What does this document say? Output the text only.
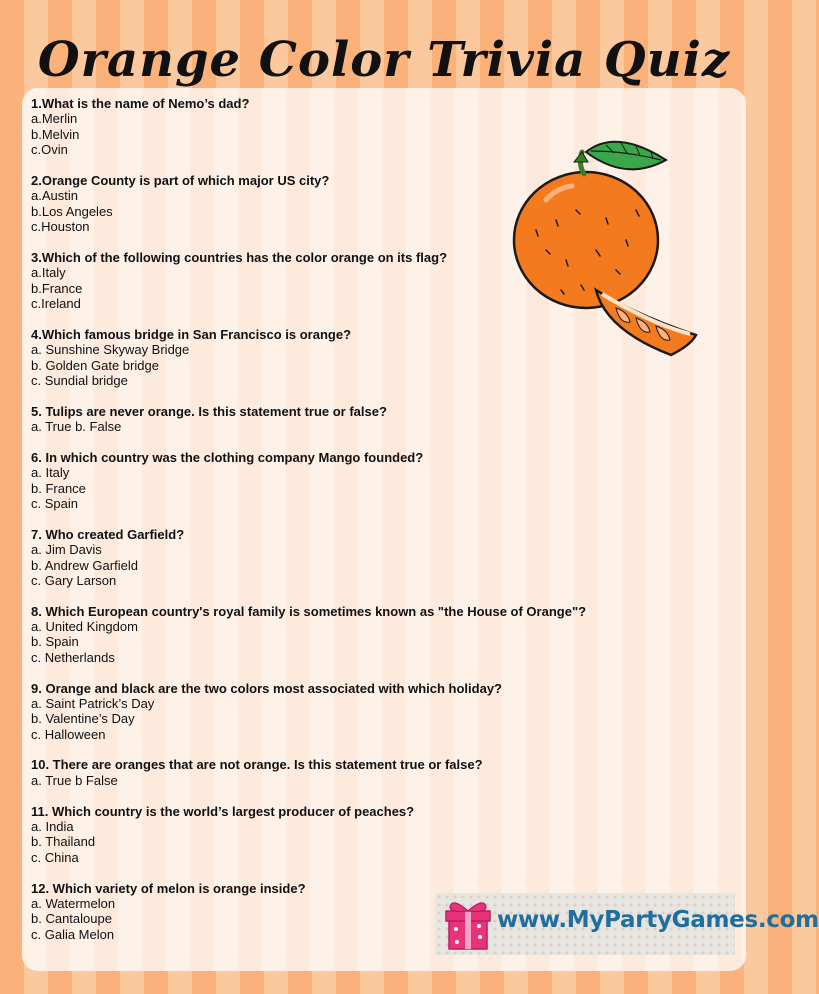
Orange Color Trivia Quiz
1.What is the name of Nemo’s dad?
a.Merlin
b.Melvin
c.Ovin
2.Orange County is part of which major US city?
a.Austin
b.Los Angeles
c.Houston
3.Which of the following countries has the color orange on its flag?
a.Italy
b.France
c.Ireland
4.Which famous bridge in San Francisco is orange?
a. Sunshine Skyway Bridge
b. Golden Gate bridge
c. Sundial bridge
5. Tulips are never orange. Is this statement true or false?
a. True b. False
6. In which country was the clothing company Mango founded?
a. Italy
b. France
c. Spain
7. Who created Garfield?
a. Jim Davis
b. Andrew Garfield
c. Gary Larson
8. Which European country's royal family is sometimes known as "the House of Orange"?
a. United Kingdom
b. Spain
c. Netherlands
9. Orange and black are the two colors most associated with which holiday?
a. Saint Patrick’s Day
b. Valentine’s Day
c. Halloween
10. There are oranges that are not orange. Is this statement true or false?
a. True b False
11. Which country is the world’s largest producer of peaches?
a. India
b. Thailand
c. China
12. Which variety of melon is orange inside?
a. Watermelon
b. Cantaloupe
c. Galia Melon
www.MyPartyGames.com
